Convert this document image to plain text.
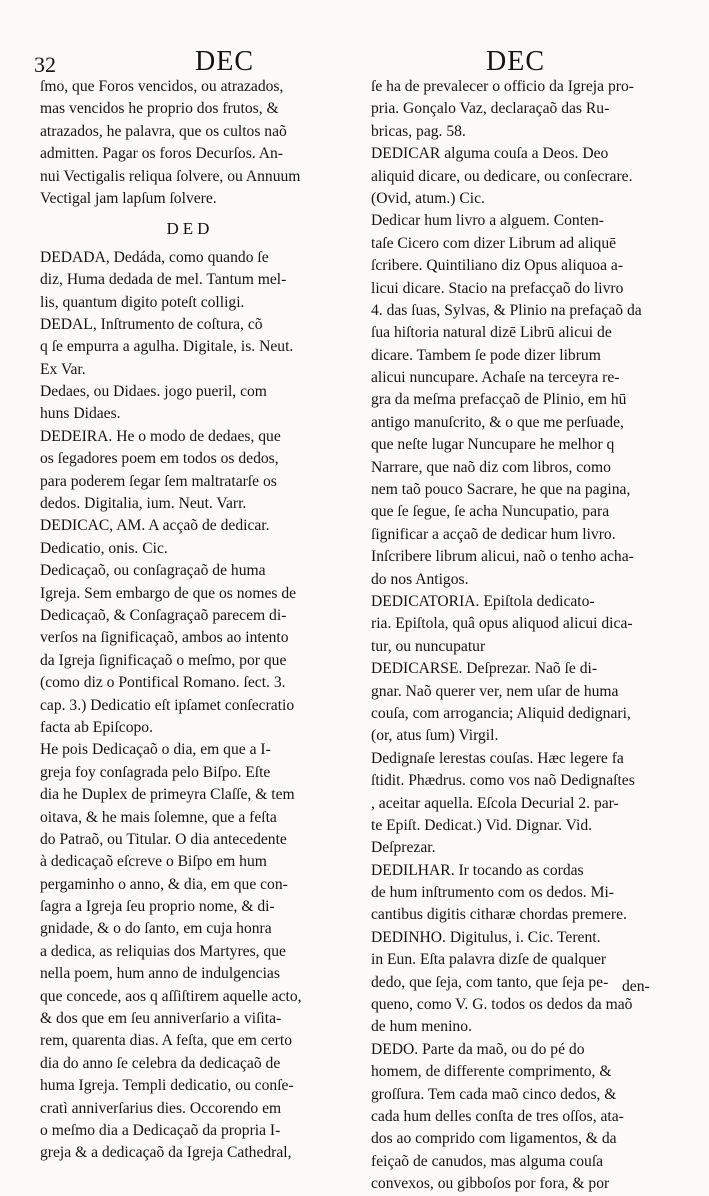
32	DEC	DEC
ſmo, que Foros vencidos, ou atrazados,
mas vencidos he proprio dos frutos, &
atrazados, he palavra, que os cultos naõ
admitten. Pagar os foros Decurſos. An-
nui Vectigalis reliqua ſolvere, ou Annuum
Vectigal jam lapſum ſolvere.
DED
DEDADA, Dedáda, como quando ſe
diz, Huma dedada de mel. Tantum mel-
lis, quantum digito poteſt colligi.
DEDAL, Inſtrumento de coſtura, cõ
q ſe empurra a agulha. Digitale, is. Neut.
Ex Var.
Dedaes, ou Didaes. jogo pueril, com
huns Didaes.
DEDEIRA. He o modo de dedaes, que
os ſegadores poem em todos os dedos,
para poderem ſegar ſem maltratarſe os
dedos. Digitalia, ium. Neut. Varr.
DEDICAC, AM. A acçaõ de dedicar.
Dedicatio, onis. Cic.
Dedicaçaõ, ou conſagraçaõ de huma
Igreja. Sem embargo de que os nomes de
Dedicaçaõ, & Conſagraçaõ parecem di-
verſos na ſignificaçaõ, ambos ao intento
da Igreja ſignificaçaõ o meſmo, por que
(como diz o Pontifical Romano. ſect. 3.
cap. 3.) Dedicatio eſt ipſamet conſecratio
facta ab Epiſcopo.
He pois Dedicaçaõ o dia, em que a I-
greja foy conſagrada pelo Biſpo. Eſte
dia he Duplex de primeyra Claſſe, & tem
oitava, & he mais ſolemne, que a feſta
do Patraõ, ou Titular. O dia antecedente
à dedicaçaõ eſcreve o Biſpo em hum
pergaminho o anno, & dia, em que con-
ſagra a Igreja ſeu proprio nome, & di-
gnidade, & o do ſanto, em cuja honra
a dedica, as reliquias dos Martyres, que
nella poem, hum anno de indulgencias
que concede, aos q aſſiſtirem aquelle acto,
& dos que em ſeu anniverſario a viſita-
rem, quarenta dias. A feſta, que em certo
dia do anno ſe celebra da dedicaçaõ de
huma Igreja. Templi dedicatio, ou conſe-
cratì anniverſarius dies. Occorendo em
o meſmo dia a Dedicaçaõ da propria I-
greja & a dedicaçaõ da Igreja Cathedral,
ſe ha de prevalecer o officio da Igreja pro-
pria. Gonçalo Vaz, declaraçaõ das Ru-
bricas, pag. 58.
DEDICAR alguma couſa a Deos. Deo
aliquid dicare, ou dedicare, ou conſecrare.
(Ovid, atum.) Cic.
Dedicar hum livro a alguem. Conten-
taſe Cicero com dizer Librum ad aliquē
ſcribere. Quintiliano diz Opus aliquoa a-
licui dicare. Stacio na prefacçaõ do livro
4. das ſuas, Sylvas, & Plinio na prefaçaõ da
ſua hiſtoria natural dizē Librū alicui de
dicare. Tambem ſe pode dizer librum
alicui nuncupare. Achaſe na terceyra re-
gra da meſma prefacçaõ de Plinio, em hū
antigo manuſcrito, & o que me perſuade,
que neſte lugar Nuncupare he melhor q
Narrare, que naõ diz com libros, como
nem taõ pouco Sacrare, he que na pagina,
que ſe ſegue, ſe acha Nuncupatio, para
ſignificar a acçaõ de dedicar hum livro.
Inſcribere librum alicui, naõ o tenho acha-
do nos Antigos.
DEDICATORIA. Epiſtola dedicato-
ria. Epiſtola, quâ opus aliquod alicui dica-
tur, ou nuncupatur
DEDICARSE. Deſprezar. Naõ ſe di-
gnar. Naõ querer ver, nem uſar de huma
couſa, com arrogancia; Aliquid dedignari,
(or, atus ſum) Virgil.
Dedignaſe lerestas couſas. Hæc legere fa
ſtidit. Phædrus. como vos naõ Dedignaſtes
, aceitar aquella. Eſcola Decurial 2. par-
te Epiſt. Dedicat.) Vid. Dignar. Vid.
Deſprezar.
DEDILHAR. Ir tocando as cordas
de hum inſtrumento com os dedos. Mi-
cantibus digitis citharæ chordas premere.
DEDINHO. Digitulus, i. Cic. Terent.
in Eun. Eſta palavra dizſe de qualquer
dedo, que ſeja, com tanto, que ſeja pe-
queno, como V. G. todos os dedos da maõ
de hum menino.
DEDO. Parte da maõ, ou do pé do
homem, de differente comprimento, &
groſſura. Tem cada maõ cinco dedos, &
cada hum delles conſta de tres oſſos, ata-
dos ao comprido com ligamentos, & da
feiçaõ de canudos, mas alguma couſa
convexos, ou gibboſos por fora, & por
den-
